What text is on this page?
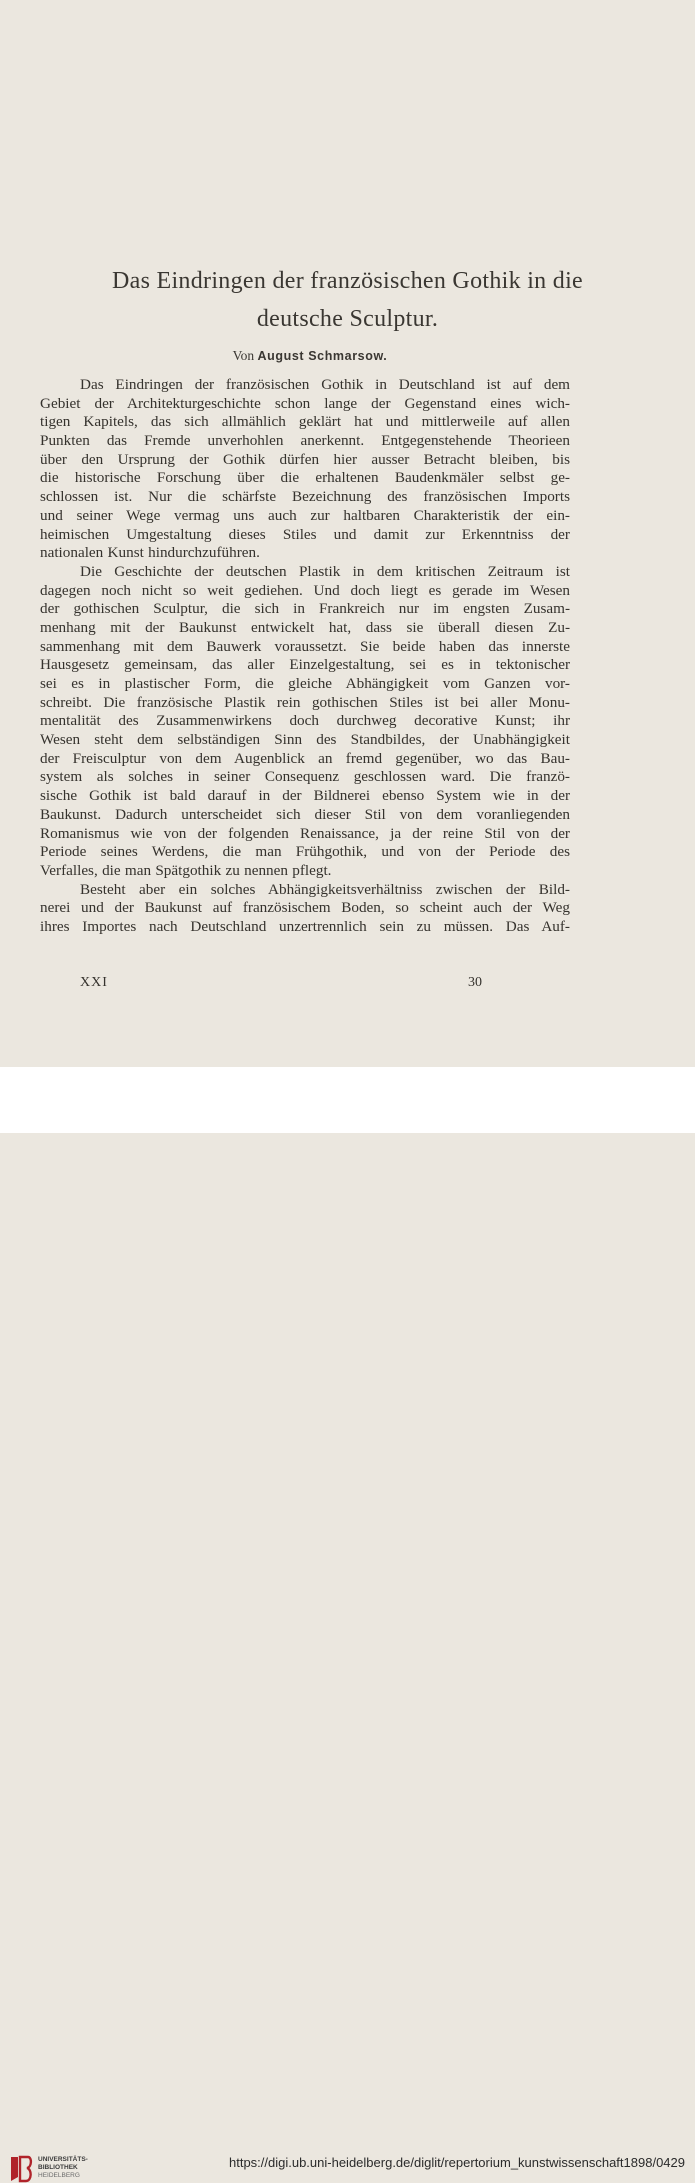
Das Eindringen der französischen Gothik in die
deutsche Sculptur.
Von August Schmarsow.
Das Eindringen der französischen Gothik in Deutschland ist auf dem
Gebiet der Architekturgeschichte schon lange der Gegenstand eines wich-
tigen Kapitels, das sich allmählich geklärt hat und mittlerweile auf allen
Punkten das Fremde unverhohlen anerkennt. Entgegenstehende Theorieen
über den Ursprung der Gothik dürfen hier ausser Betracht bleiben, bis
die historische Forschung über die erhaltenen Baudenkmäler selbst ge-
schlossen ist. Nur die schärfste Bezeichnung des französischen Imports
und seiner Wege vermag uns auch zur haltbaren Charakteristik der ein-
heimischen Umgestaltung dieses Stiles und damit zur Erkenntniss der
nationalen Kunst hindurchzuführen.
Die Geschichte der deutschen Plastik in dem kritischen Zeitraum ist
dagegen noch nicht so weit gediehen. Und doch liegt es gerade im Wesen
der gothischen Sculptur, die sich in Frankreich nur im engsten Zusam-
menhang mit der Baukunst entwickelt hat, dass sie überall diesen Zu-
sammenhang mit dem Bauwerk voraussetzt. Sie beide haben das innerste
Hausgesetz gemeinsam, das aller Einzelgestaltung, sei es in tektonischer
sei es in plastischer Form, die gleiche Abhängigkeit vom Ganzen vor-
schreibt. Die französische Plastik rein gothischen Stiles ist bei aller Monu-
mentalität des Zusammenwirkens doch durchweg decorative Kunst; ihr
Wesen steht dem selbständigen Sinn des Standbildes, der Unabhängigkeit
der Freisculptur von dem Augenblick an fremd gegenüber, wo das Bau-
system als solches in seiner Consequenz geschlossen ward. Die franzö-
sische Gothik ist bald darauf in der Bildnerei ebenso System wie in der
Baukunst. Dadurch unterscheidet sich dieser Stil von dem voranliegenden
Romanismus wie von der folgenden Renaissance, ja der reine Stil von der
Periode seines Werdens, die man Frühgothik, und von der Periode des
Verfalles, die man Spätgothik zu nennen pflegt.
Besteht aber ein solches Abhängigkeitsverhältniss zwischen der Bild-
nerei und der Baukunst auf französischem Boden, so scheint auch der Weg
ihres Importes nach Deutschland unzertrennlich sein zu müssen. Das Auf-
XXI	30
UNIVERSITÄTS-
BIBLIOTHEK
HEIDELBERG
https://digi.ub.uni-heidelberg.de/diglit/repertorium_kunstwissenschaft1898/0429
